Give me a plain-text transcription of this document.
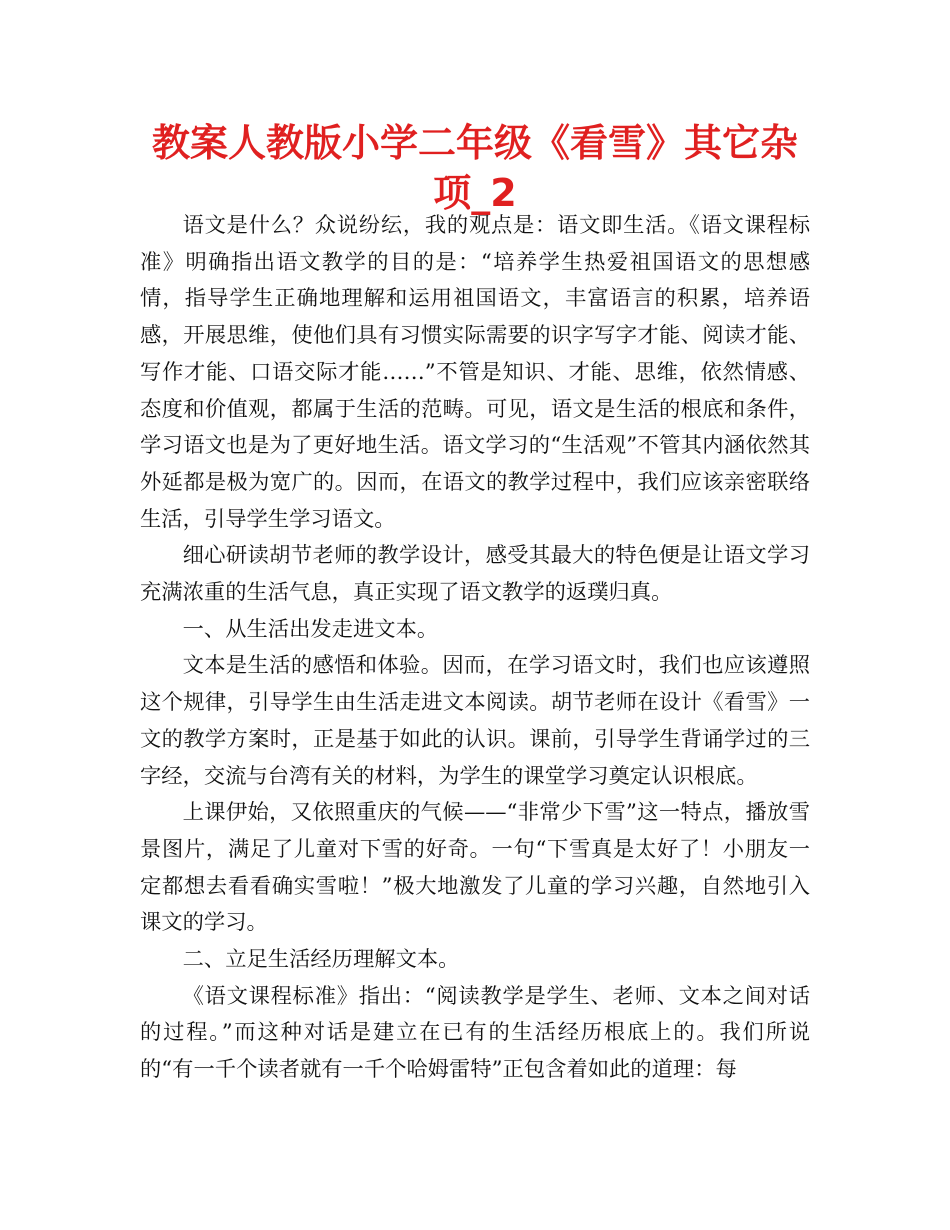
教案人教版小学二年级《看雪》其它杂项_2

语文是什么？众说纷纭，我的观点是：语文即生活。《语文课程标准》明确指出语文教学的目的是：“培养学生热爱祖国语文的思想感情，指导学生正确地理解和运用祖国语文，丰富语言的积累，培养语感，开展思维，使他们具有习惯实际需要的识字写字才能、阅读才能、写作才能、口语交际才能……”不管是知识、才能、思维，依然情感、态度和价值观，都属于生活的范畴。可见，语文是生活的根底和条件，学习语文也是为了更好地生活。语文学习的“生活观”不管其内涵依然其外延都是极为宽广的。因而，在语文的教学过程中，我们应该亲密联络生活，引导学生学习语文。

细心研读胡节老师的教学设计，感受其最大的特色便是让语文学习充满浓重的生活气息，真正实现了语文教学的返璞归真。

一、从生活出发走进文本。

文本是生活的感悟和体验。因而，在学习语文时，我们也应该遵照这个规律，引导学生由生活走进文本阅读。胡节老师在设计《看雪》一文的教学方案时，正是基于如此的认识。课前，引导学生背诵学过的三字经，交流与台湾有关的材料，为学生的课堂学习奠定认识根底。

上课伊始，又依照重庆的气候——“非常少下雪”这一特点，播放雪景图片，满足了儿童对下雪的好奇。一句“下雪真是太好了！小朋友一定都想去看看确实雪啦！”极大地激发了儿童的学习兴趣，自然地引入课文的学习。

二、立足生活经历理解文本。

《语文课程标准》指出：“阅读教学是学生、老师、文本之间对话的过程。”而这种对话是建立在已有的生活经历根底上的。我们所说的“有一千个读者就有一千个哈姆雷特”正包含着如此的道理：每
